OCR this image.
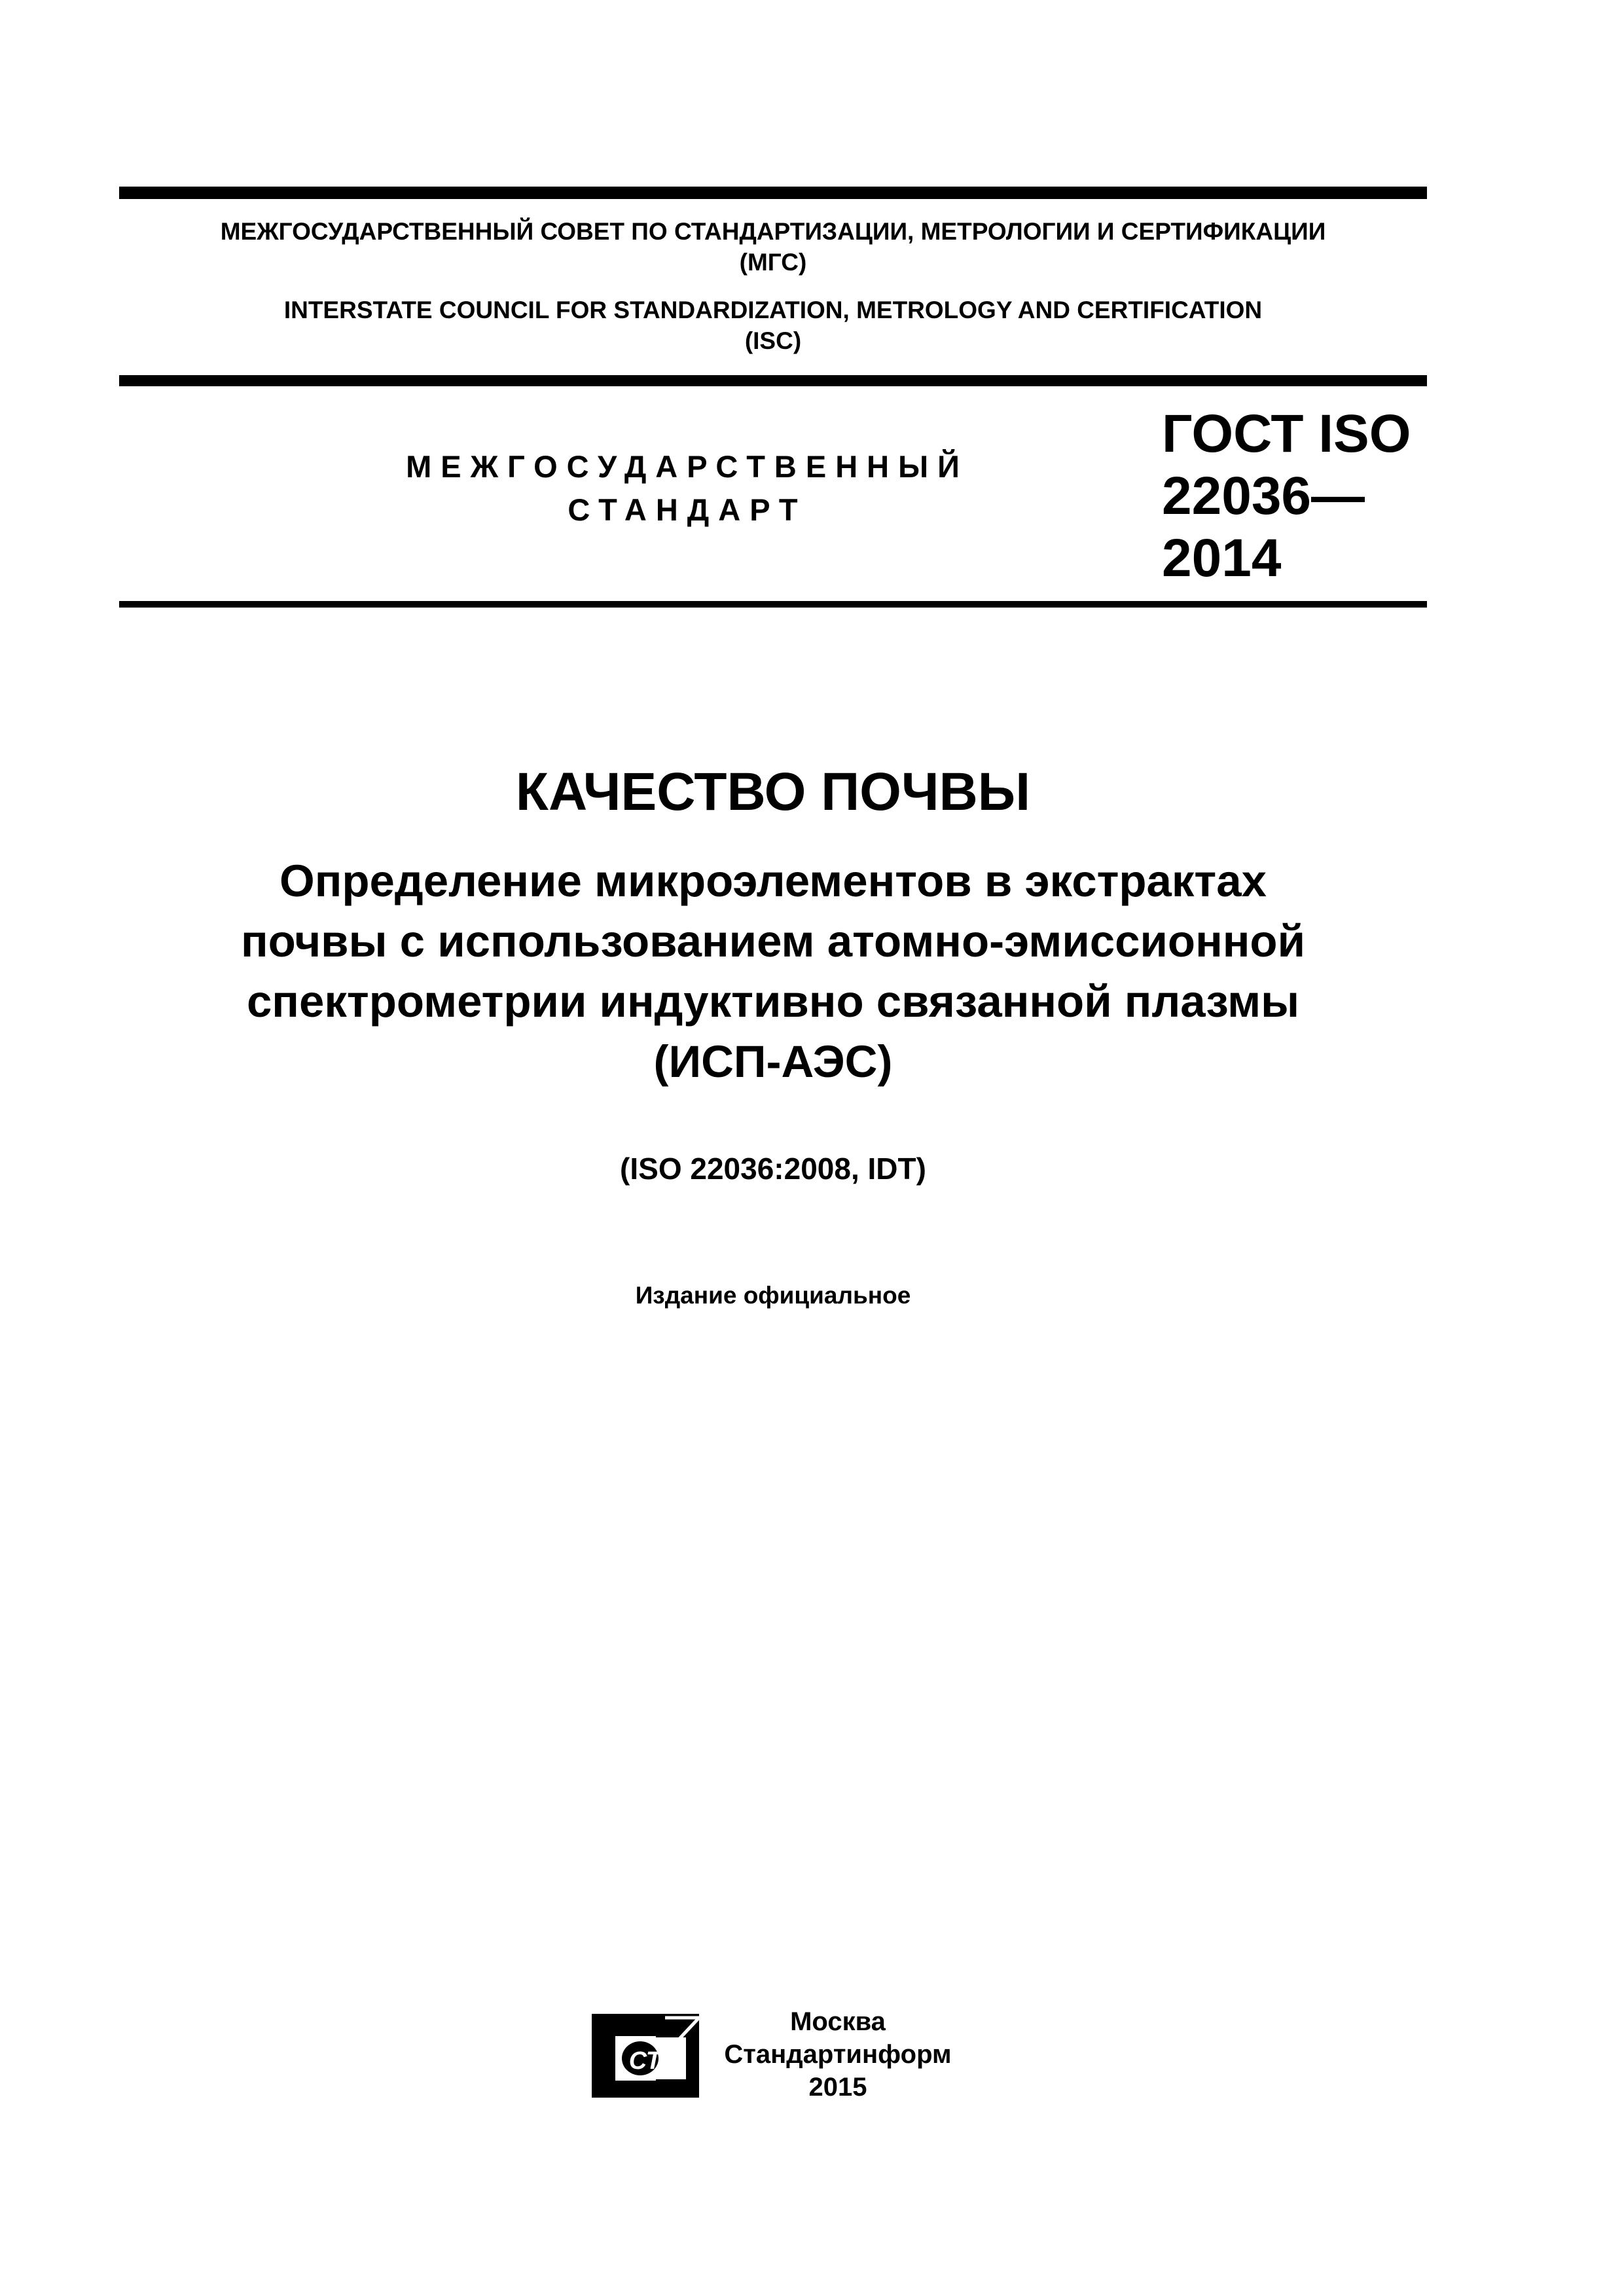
МЕЖГОСУДАРСТВЕННЫЙ СОВЕТ ПО СТАНДАРТИЗАЦИИ, МЕТРОЛОГИИ И СЕРТИФИКАЦИИ
(МГС)
INTERSTATE COUNCIL FOR STANDARDIZATION, METROLOGY AND CERTIFICATION
(ISC)
МЕЖГОСУДАРСТВЕННЫЙ
СТАНДАРТ
ГОСТ ISO
22036—
2014
КАЧЕСТВО ПОЧВЫ
Определение микроэлементов в экстрактах
почвы с использованием атомно-эмиссионной
спектрометрии индуктивно связанной плазмы
(ИСП-АЭС)
(ISO 22036:2008, IDT)
Издание официальное
СТИ
Москва
Стандартинформ
2015
